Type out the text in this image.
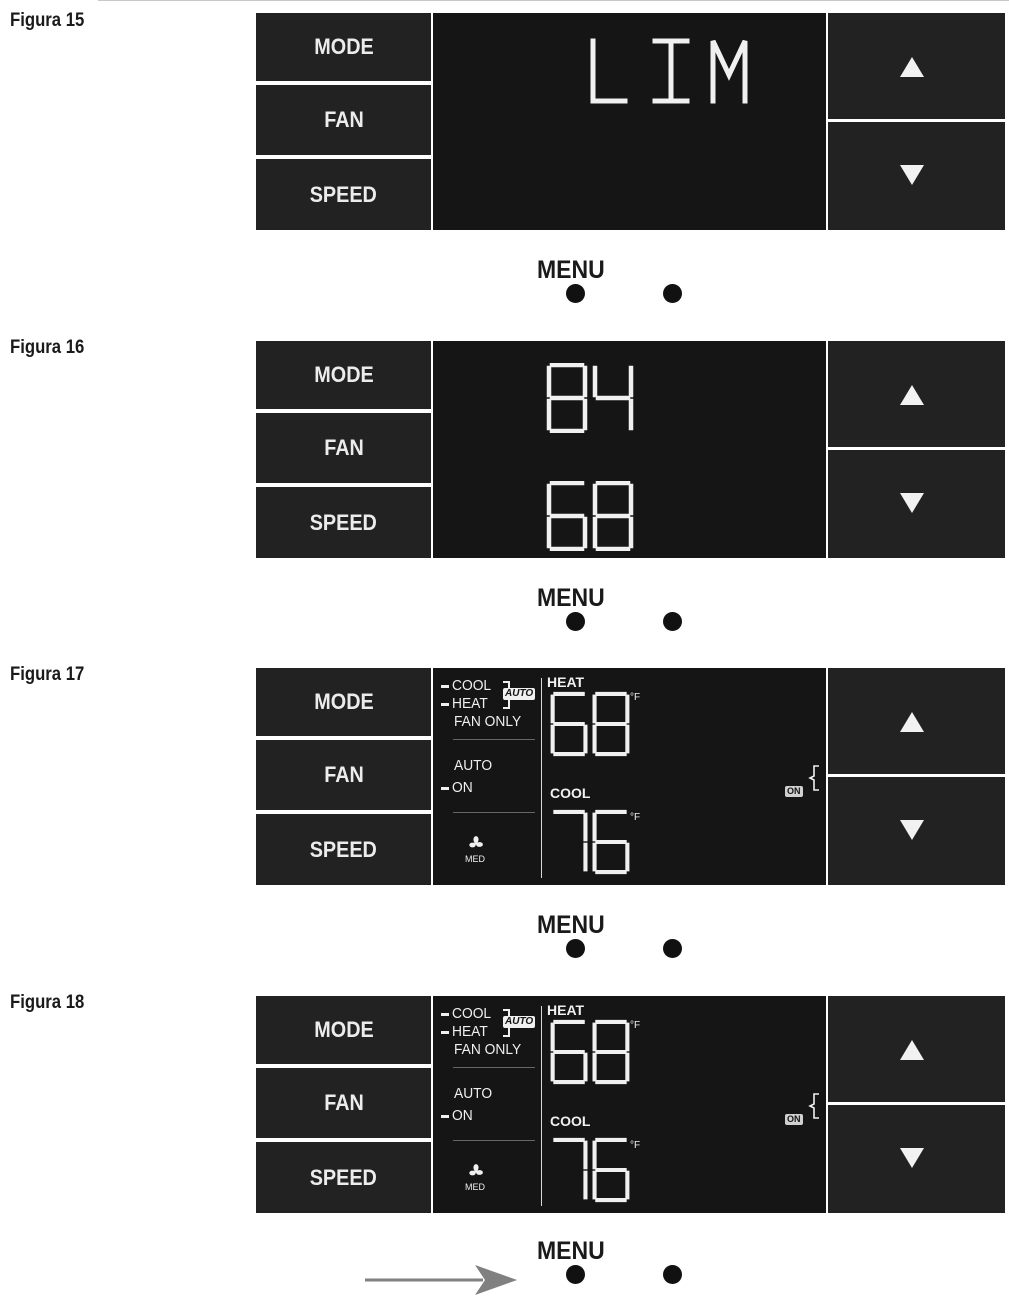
Figura 15
MODE
FAN
SPEED
MENU
Figura 16
MODE
FAN
SPEED
MENU
Figura 17
MODE
FAN
SPEED
COOL
HEAT
AUTO
FAN ONLY
AUTO
ON
MED
HEAT
°F
COOL
°F
ON
MENU
Figura 18
MODE
FAN
SPEED
COOL
HEAT
AUTO
FAN ONLY
AUTO
ON
MED
HEAT
°F
COOL
°F
ON
MENU
